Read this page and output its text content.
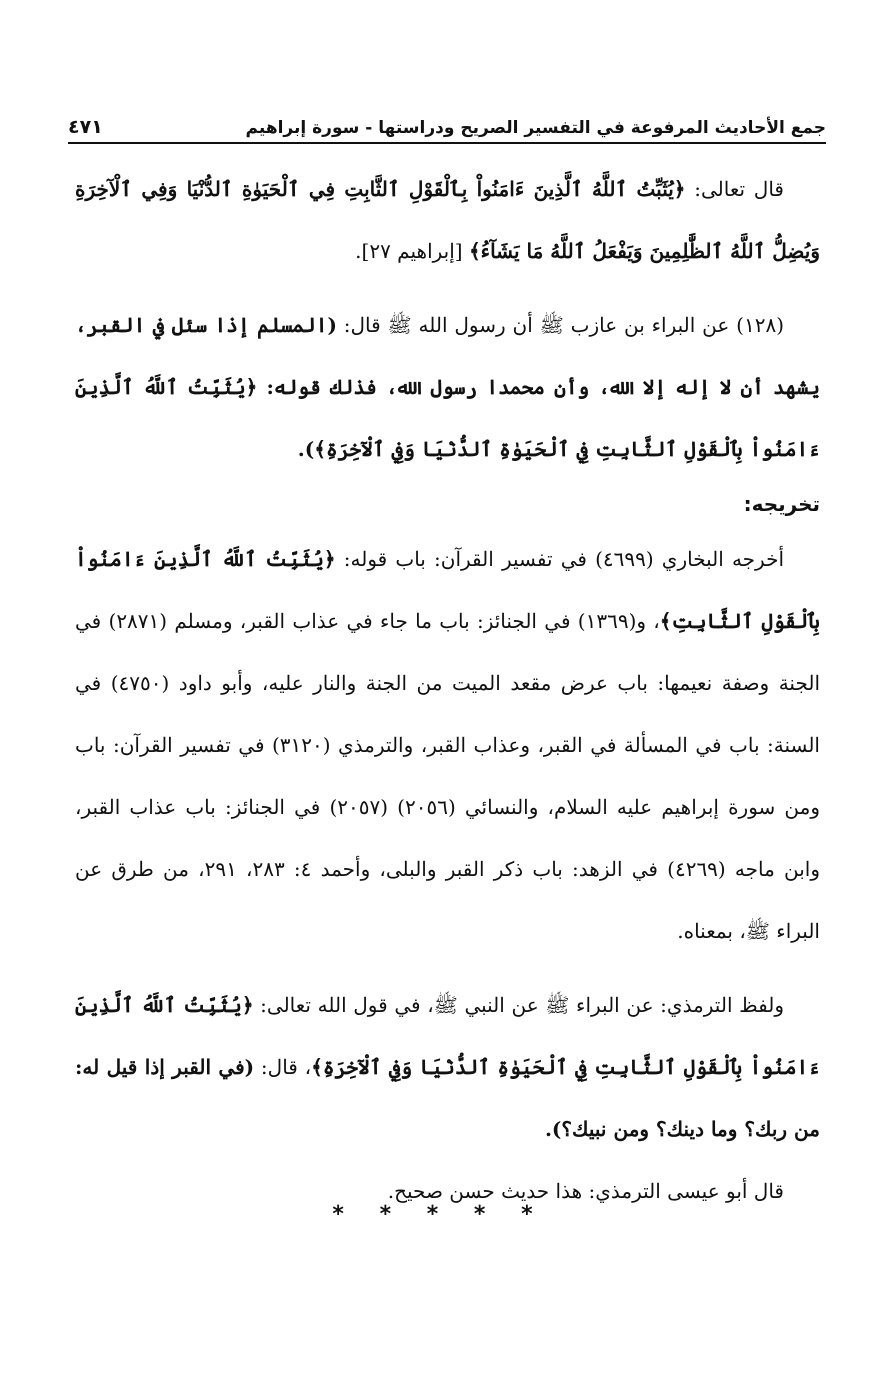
جمع الأحاديث المرفوعة في التفسير الصريح ودراستها - سورة إبراهيم
٤٧١

قال تعالى: ﴿يُثَبِّتُ ٱللَّهُ ٱلَّذِينَ ءَامَنُواْ بِٱلْقَوْلِ ٱلثَّابِتِ فِي ٱلْحَيَوٰةِ ٱلدُّنْيَا وَفِي ٱلْآخِرَةِ وَيُضِلُّ ٱللَّهُ ٱلظَّٰلِمِينَ وَيَفْعَلُ ٱللَّهُ مَا يَشَآءُ﴾ [إبراهيم ٢٧].

(١٢٨) عن البراء بن عازب ﷺ أن رسول الله ﷺ قال: (المسلم إذا سئل في القبر، يشهد أن لا إله إلا الله، وأن محمدا رسول الله، فذلك قوله: ﴿يُثَبِّتُ ٱللَّهُ ٱلَّذِينَ ءَامَنُواْ بِٱلْقَوْلِ ٱلثَّابِتِ فِي ٱلْحَيَوٰةِ ٱلدُّنْيَا وَفِي ٱلْآخِرَةِ﴾).

تخريجه:

أخرجه البخاري (٤٦٩٩) في تفسير القرآن: باب قوله: ﴿يُثَبِّتُ ٱللَّهُ ٱلَّذِينَ ءَامَنُواْ بِٱلْقَوْلِ ٱلثَّابِتِ﴾، و(١٣٦٩) في الجنائز: باب ما جاء في عذاب القبر، ومسلم (٢٨٧١) في الجنة وصفة نعيمها: باب عرض مقعد الميت من الجنة والنار عليه، وأبو داود (٤٧٥٠) في السنة: باب في المسألة في القبر، وعذاب القبر، والترمذي (٣١٢٠) في تفسير القرآن: باب ومن سورة إبراهيم عليه السلام، والنسائي (٢٠٥٦) (٢٠٥٧) في الجنائز: باب عذاب القبر، وابن ماجه (٤٢٦٩) في الزهد: باب ذكر القبر والبلى، وأحمد ٤: ٢٨٣، ٢٩١، من طرق عن البراء ﷺ، بمعناه.

ولفظ الترمذي: عن البراء ﷺ عن النبي ﷺ، في قول الله تعالى: ﴿يُثَبِّتُ ٱللَّهُ ٱلَّذِينَ ءَامَنُواْ بِٱلْقَوْلِ ٱلثَّابِتِ فِي ٱلْحَيَوٰةِ ٱلدُّنْيَا وَفِي ٱلْآخِرَةِ﴾، قال: (في القبر إذا قيل له: من ربك؟ وما دينك؟ ومن نبيك؟).

قال أبو عيسى الترمذي: هذا حديث حسن صحيح.

* * * * *
